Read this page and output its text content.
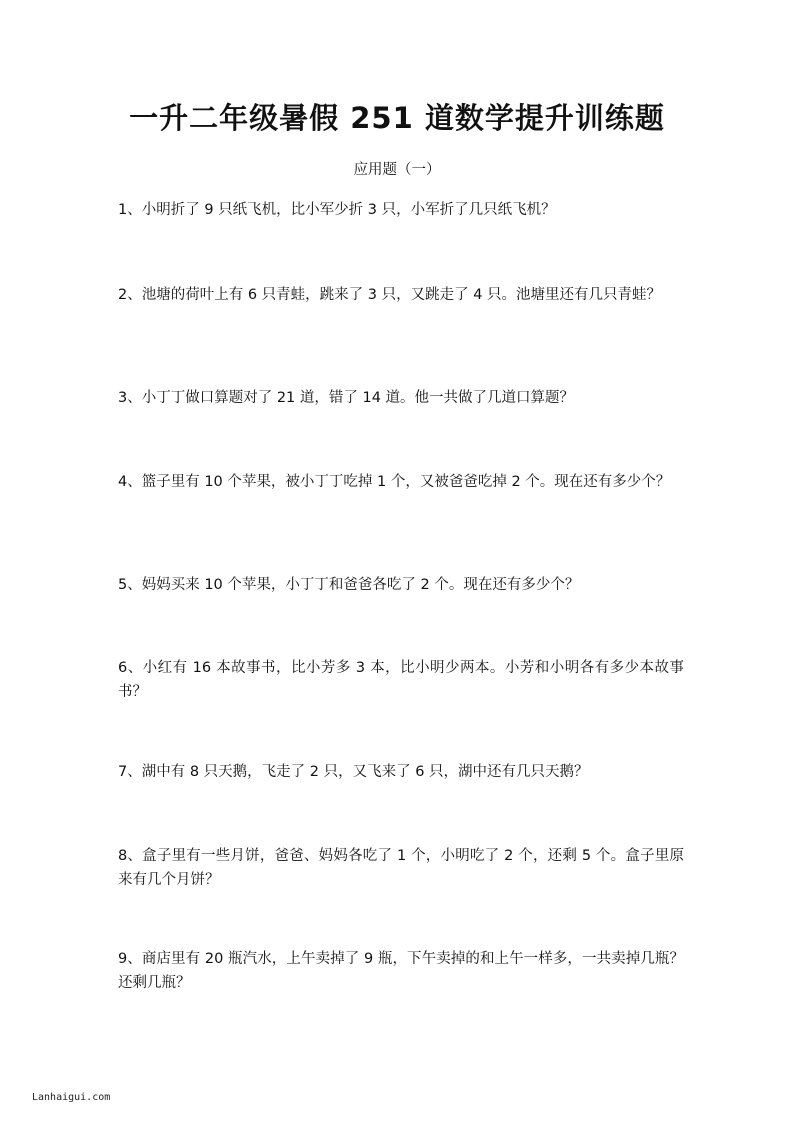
一升二年级暑假 251 道数学提升训练题
应用题（一）

1、小明折了 9 只纸飞机，比小军少折 3 只，小军折了几只纸飞机？

2、池塘的荷叶上有 6 只青蛙，跳来了 3 只，又跳走了 4 只。池塘里还有几只青蛙？

3、小丁丁做口算题对了 21 道，错了 14 道。他一共做了几道口算题？

4、篮子里有 10 个苹果，被小丁丁吃掉 1 个，又被爸爸吃掉 2 个。现在还有多少个？

5、妈妈买来 10 个苹果，小丁丁和爸爸各吃了 2 个。现在还有多少个？

6、小红有 16 本故事书，比小芳多 3 本，比小明少两本。小芳和小明各有多少本故事书？

7、湖中有 8 只天鹅，飞走了 2 只，又飞来了 6 只，湖中还有几只天鹅？

8、盒子里有一些月饼，爸爸、妈妈各吃了 1 个，小明吃了 2 个，还剩 5 个。盒子里原来有几个月饼？

9、商店里有 20 瓶汽水，上午卖掉了 9 瓶，下午卖掉的和上午一样多，一共卖掉几瓶？还剩几瓶？

Lanhaigui.com
